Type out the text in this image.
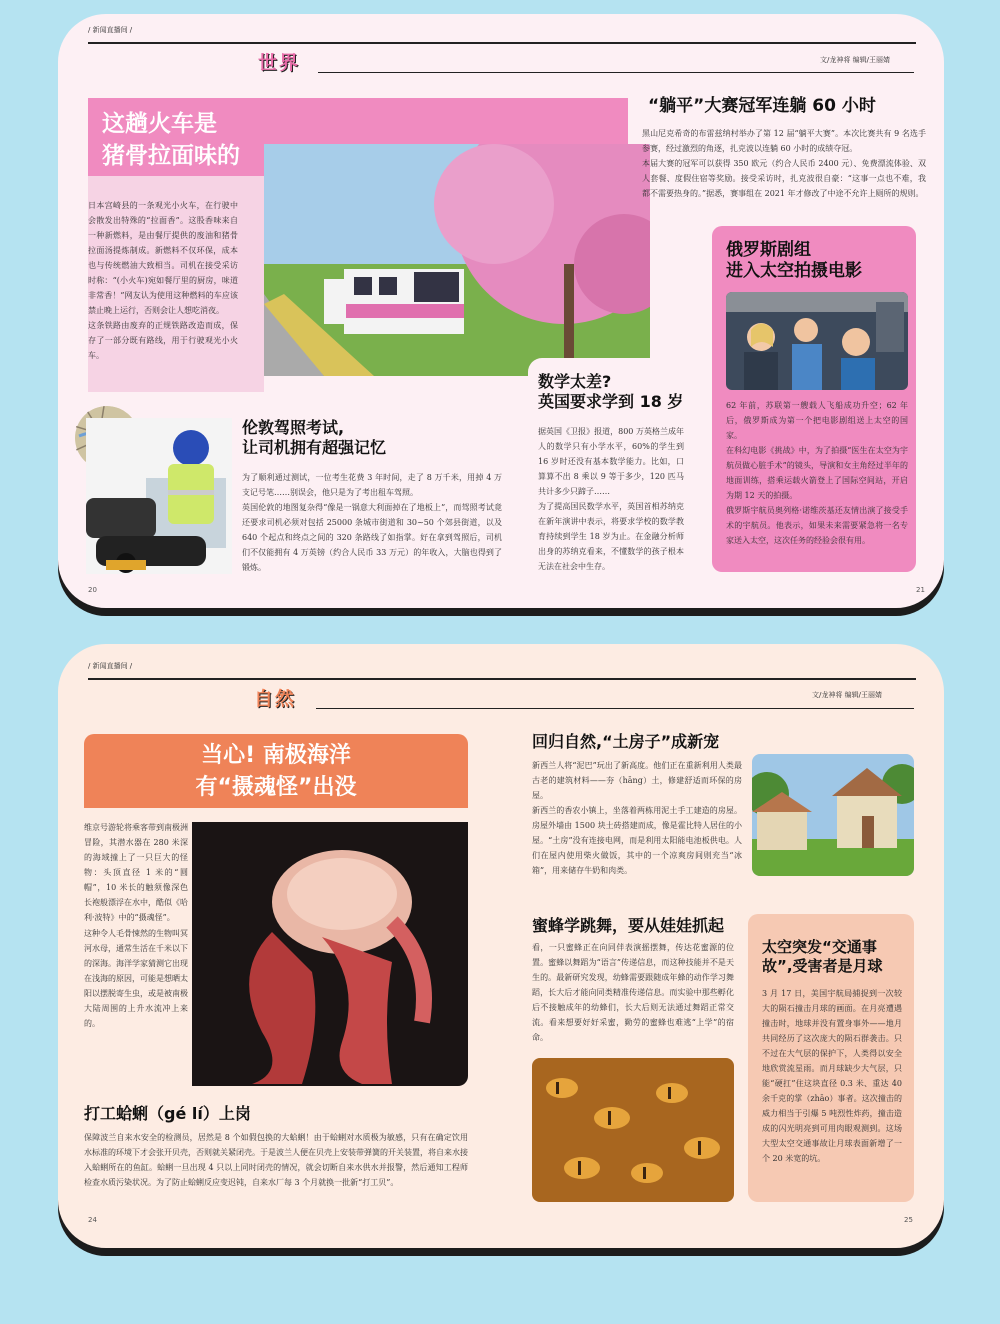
/ 新闻直播间 /
世界	文/龙神将 编辑/王丽婧
这趟火车是
猪骨拉面味的
日本宫崎县的一条观光小火车，在行驶中会散发出特殊的“拉面香”。这股香味来自一种新燃料，是由餐厅提供的废油和猪骨拉面汤提炼制成。新燃料不仅环保，成本也与传统燃油大致相当。司机在接受采访时称：“(小火车)宛如餐厅里的厨房，味道非常香！”网友认为使用这种燃料的车应该禁止晚上运行，否则会让人想吃消夜。
这条铁路由废弃的正规铁路改造而成，保存了一部分既有路线，用于行驶观光小火车。
“躺平”大赛冠军连躺 60 小时
黑山尼克希奇的布雷兹纳村举办了第 12 届“躺平大赛”。本次比赛共有 9 名选手参赛，经过激烈的角逐，扎克波以连躺 60 小时的成绩夺冠。
本届大赛的冠军可以获得 350 欧元（约合人民币 2400 元）、免费漂流体验、双人套餐、度假住宿等奖励。接受采访时，扎克波很自豪：“这事一点也不难，我都不需要热身的。”据悉，赛事组在 2021 年才修改了中途不允许上厕所的规则。
俄罗斯剧组
进入太空拍摄电影
62 年前，苏联第一艘载人飞船成功升空；62 年后，俄罗斯成为第一个把电影剧组送上太空的国家。
在科幻电影《挑战》中，为了拍摄“医生在太空为宇航员做心脏手术”的镜头，导演和女主角经过半年的地面训练，搭乘运载火箭登上了国际空间站，开启为期 12 天的拍摄。
俄罗斯宇航员奥列格·诺维茨基还友情出演了接受手术的宇航员。他表示，如果未来需要紧急将一名专家送入太空，这次任务的经验会很有用。
数学太差?
英国要求学到 18 岁
据英国《卫报》报道，800 万英格兰成年人的数学只有小学水平，60%的学生到 16 岁时还没有基本数学能力。比如，口算算不出 8 乘以 9 等于多少，120 匹马共计多少只蹄子……
为了提高国民数学水平，英国首相苏纳克在新年演讲中表示，将要求学校的数学教育持续到学生 18 岁为止。在金融分析师出身的苏纳克看来，不懂数学的孩子根本无法在社会中生存。
伦敦驾照考试,
让司机拥有超强记忆
为了顺利通过测试，一位考生花费 3 年时间，走了 8 万千米，用掉 4 万支记号笔……别误会，他只是为了考出租车驾照。
英国伦敦的地图复杂得“像是一锅意大利面掉在了地板上”，而驾照考试竟还要求司机必须对包括 25000 条城市街道和 30~50 个郊县街道，以及 640 个起点和终点之间的 320 条路线了如指掌。好在拿到驾照后，司机们不仅能拥有 4 万英镑（约合人民币 33 万元）的年收入，大脑也得到了锻炼。
20	21
/ 新闻直播间 /
自然	文/龙神将 编辑/王丽婧
当心! 南极海洋
有“摄魂怪”出没
维京号游轮将乘客带到南极洲冒险，其潜水器在 280 米深的海域撞上了一只巨大的怪物：头顶直径 1 米的“圆帽”，10 米长的触须像深色长袍般漂浮在水中，酷似《哈利·波特》中的“摄魂怪”。
这种令人毛骨悚然的生物叫冥河水母，通常生活在千米以下的深海。海洋学家猜测它出现在浅海的原因，可能是想晒太阳以摆脱寄生虫，或是被南极大陆周围的上升水流冲上来的。
打工蛤蜊（gé lí）上岗
保障波兰自来水安全的检测员，居然是 8 个如假包换的大蛤蜊！由于蛤蜊对水质极为敏感，只有在确定饮用水标准的环境下才会张开贝壳，否则就关紧闭壳。于是波兰人便在贝壳上安装带弹簧的开关装置，将自来水接入蛤蜊所在的鱼缸。蛤蜊一旦出现 4 只以上同时闭壳的情况，就会切断自来水供水并报警，然后通知工程师检查水质污染状况。为了防止蛤蜊反应变迟钝，自来水厂每 3 个月就换一批新“打工贝”。
回归自然,“土房子”成新宠
新西兰人将“泥巴”玩出了新高度。他们正在重新利用人类最古老的建筑材料——夯（hāng）土，修建舒适而环保的房屋。
新西兰的香农小镇上，坐落着两栋用泥土手工建造的房屋。房屋外墙由 1500 块土砖搭建而成，像是霍比特人居住的小屋。“土房”没有连接电网，而是利用太阳能电池板供电。人们在屋内使用柴火做饭，其中的一个凉爽房间则充当“冰箱”，用来储存牛奶和肉类。
蜜蜂学跳舞，要从娃娃抓起
看，一只蜜蜂正在向同伴表演摇摆舞，传达花蜜源的位置。蜜蜂以舞蹈为“语言”传递信息，而这种技能并不是天生的。最新研究发现，幼蜂需要跟随成年蜂的动作学习舞蹈，长大后才能向同类精准传递信息。而实验中那些孵化后不接触成年的幼蜂们，长大后则无法通过舞蹈正常交流。看来想要好好采蜜，勤劳的蜜蜂也难逃“上学”的宿命。
太空突发“交通事
故”,受害者是月球
3 月 17 日，美国宇航局捕捉到一次较大的陨石撞击月球的画面。在月亮遭遇撞击时，地球并没有置身事外——地月共同经历了这次庞大的陨石群袭击。只不过在大气层的保护下，人类得以安全地欣赏流星雨。而月球缺少大气层，只能“硬扛”住这块直径 0.3 米、重达 40 余千克的掌（zhāo）事者。这次撞击的威力相当于引爆 5 吨烈性炸药，撞击造成的闪光明亮到可用肉眼观测到。这场大型太空交通事故让月球表面新增了一个 20 米宽的坑。
24	25
